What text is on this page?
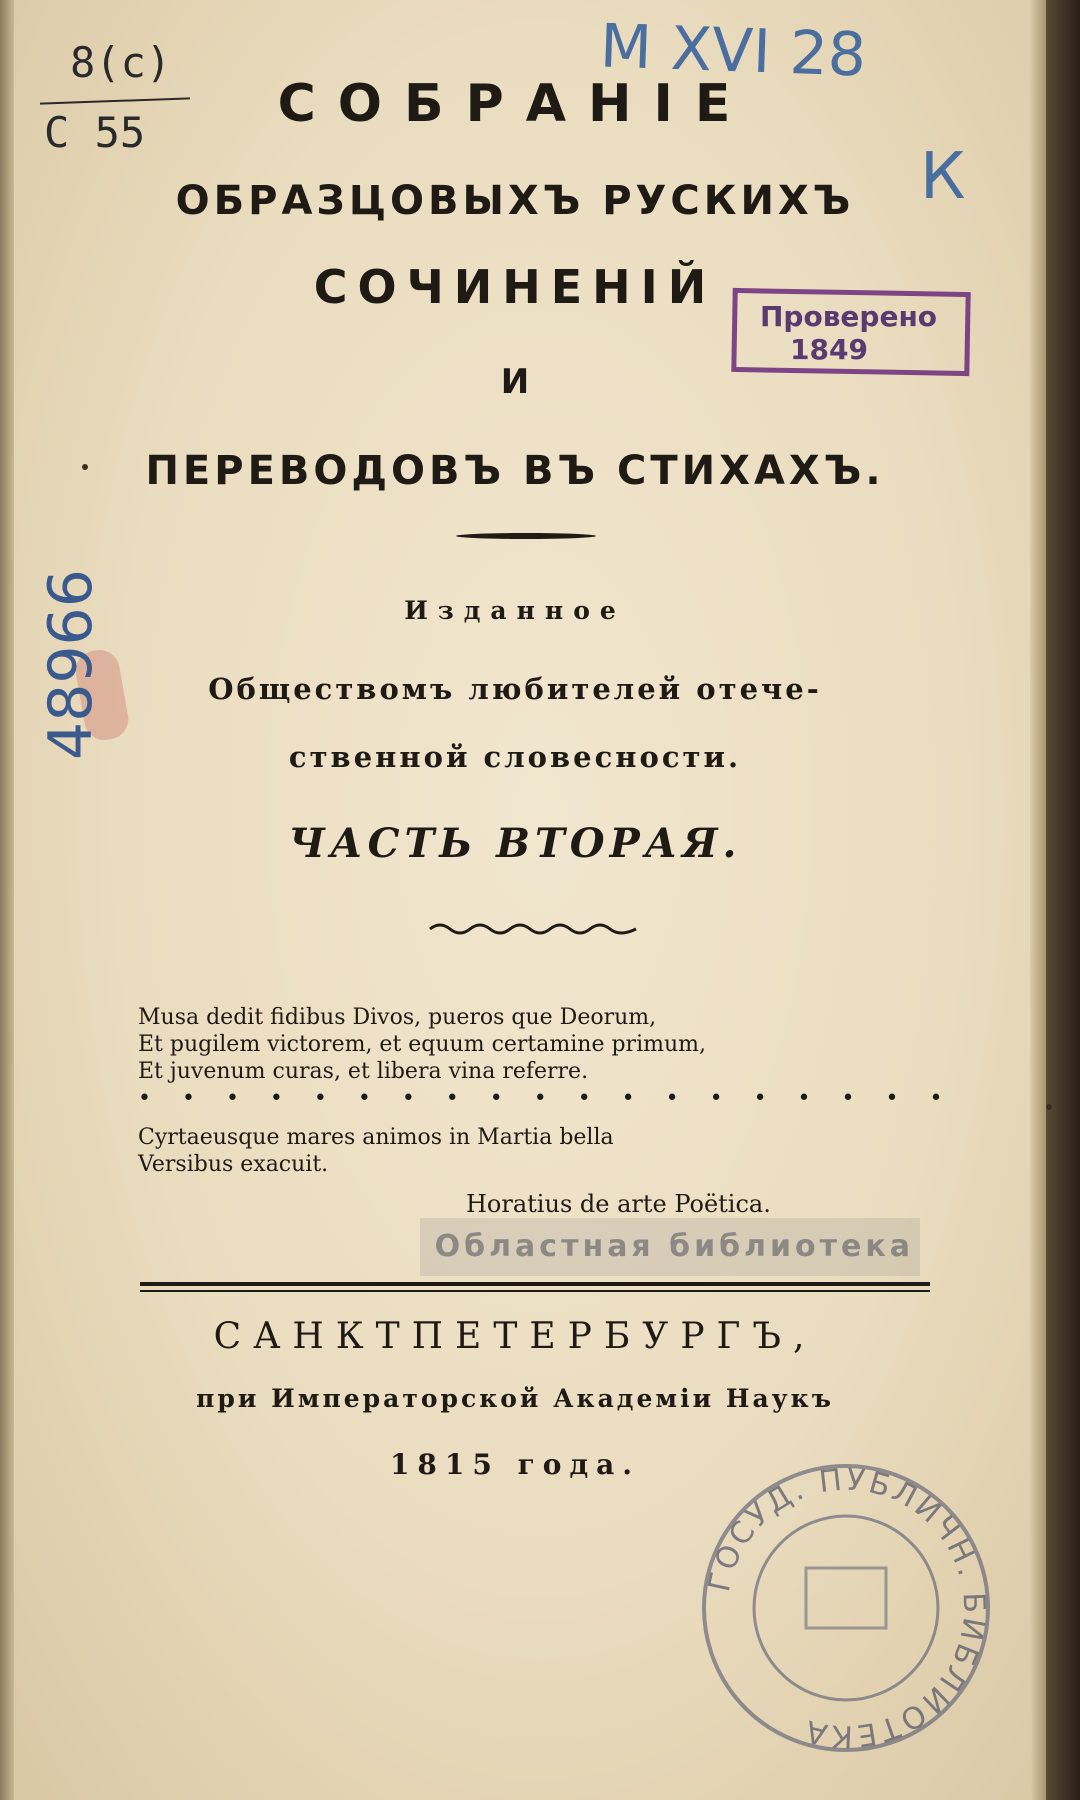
8(с)
C 55
M XVI 28
К
48966
Проверено
1849
СОБРАНІЕ
ОБРАЗЦОВЫХЪ РУСКИХЪ
СОЧИНЕНІЙ
И
ПЕРЕВОДОВЪ ВЪ СТИХАХЪ.
Изданное
Обществомъ любителей отече-
ственной словесности.
ЧАСТЬ ВТОРАЯ.
Musa dedit fidibus Divos, pueros que Deorum,
Et pugilem victorem, et equum certamine primum,
Et juvenum curas, et libera vina referre.
• • • • • • • • • • • • • • • • • • •
Cyrtaeusque mares animos in Martia bella
Versibus exacuit.
Horatius de arte Poëtica.
Областная библиотека
САНКТПЕТЕРБУРГЪ,
при Императорской Академіи Наукъ
1815 года.
ГОСУД. ПУБЛИЧН. БИБЛИОТЕКА
